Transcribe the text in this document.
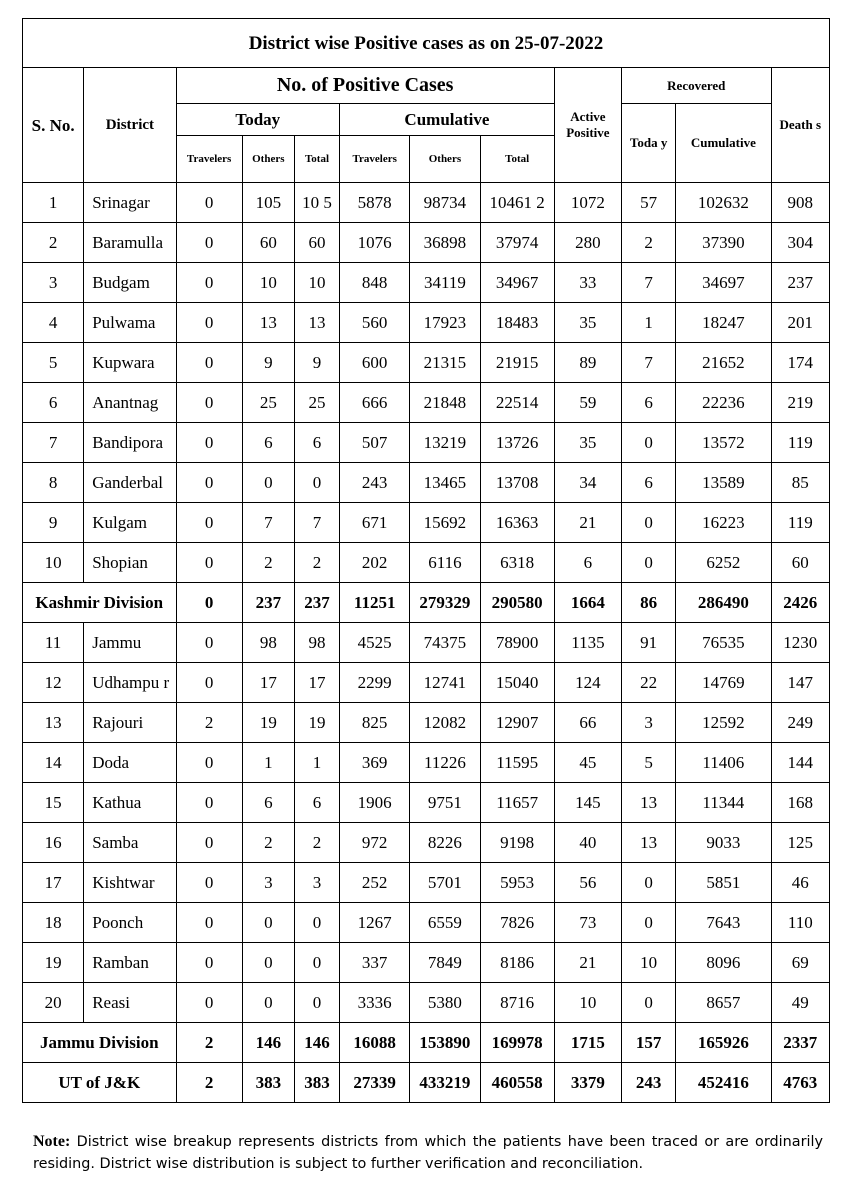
District wise Positive cases as on 25-07-2022											
S. No.	District	No. of Positive Cases						Active Positive	Recovered		Death s
		Today			Cumulative				Toda y	Cumulative	
		Travelers	Others	Total	Travelers	Others	Total				
1	Srinagar	0	105	10 5	5878	98734	10461 2	1072	57	102632	908
2	Baramulla	0	60	60	1076	36898	37974	280	2	37390	304
3	Budgam	0	10	10	848	34119	34967	33	7	34697	237
4	Pulwama	0	13	13	560	17923	18483	35	1	18247	201
5	Kupwara	0	9	9	600	21315	21915	89	7	21652	174
6	Anantnag	0	25	25	666	21848	22514	59	6	22236	219
7	Bandipora	0	6	6	507	13219	13726	35	0	13572	119
8	Ganderbal	0	0	0	243	13465	13708	34	6	13589	85
9	Kulgam	0	7	7	671	15692	16363	21	0	16223	119
10	Shopian	0	2	2	202	6116	6318	6	0	6252	60
Kashmir Division		0	237	237	11251	279329	290580	1664	86	286490	2426
11	Jammu	0	98	98	4525	74375	78900	1135	91	76535	1230
12	Udhampu r	0	17	17	2299	12741	15040	124	22	14769	147
13	Rajouri	2	19	19	825	12082	12907	66	3	12592	249
14	Doda	0	1	1	369	11226	11595	45	5	11406	144
15	Kathua	0	6	6	1906	9751	11657	145	13	11344	168
16	Samba	0	2	2	972	8226	9198	40	13	9033	125
17	Kishtwar	0	3	3	252	5701	5953	56	0	5851	46
18	Poonch	0	0	0	1267	6559	7826	73	0	7643	110
19	Ramban	0	0	0	337	7849	8186	21	10	8096	69
20	Reasi	0	0	0	3336	5380	8716	10	0	8657	49
Jammu Division		2	146	146	16088	153890	169978	1715	157	165926	2337
UT of J&K		2	383	383	27339	433219	460558	3379	243	452416	4763
Note: District wise breakup represents districts from which the patients have been traced or are ordinarily residing. District wise distribution is subject to further verification and reconciliation.
